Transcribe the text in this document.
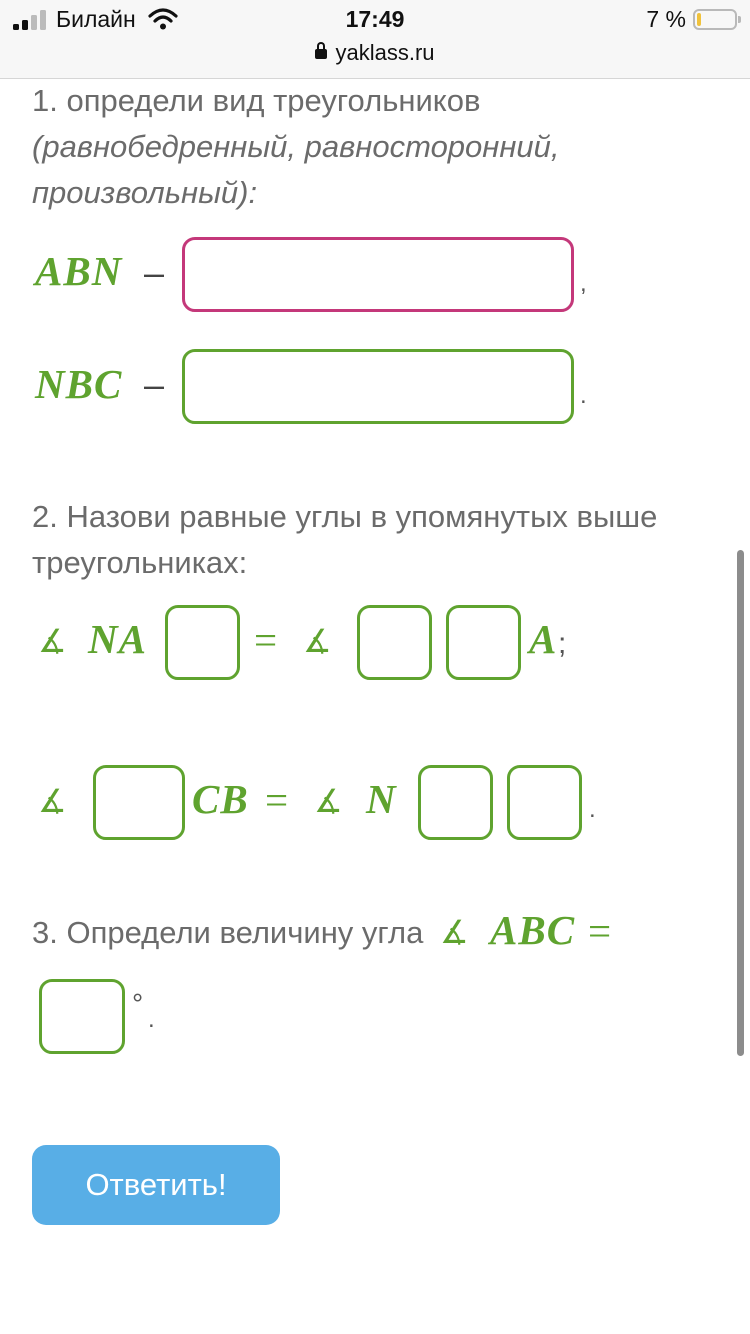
Билайн	17:49	7 %
yaklass.ru
1. определи вид треугольников
(равнобедренный, равносторонний,
произвольный):
ABN –	,
NBC –	.
2. Назови равные углы в упомянутых выше
треугольниках:
∡ NA	= ∡	A ;
∡	CB = ∡ N	.
3. Определи величину угла ∡ ABC =
°
.
Ответить!
